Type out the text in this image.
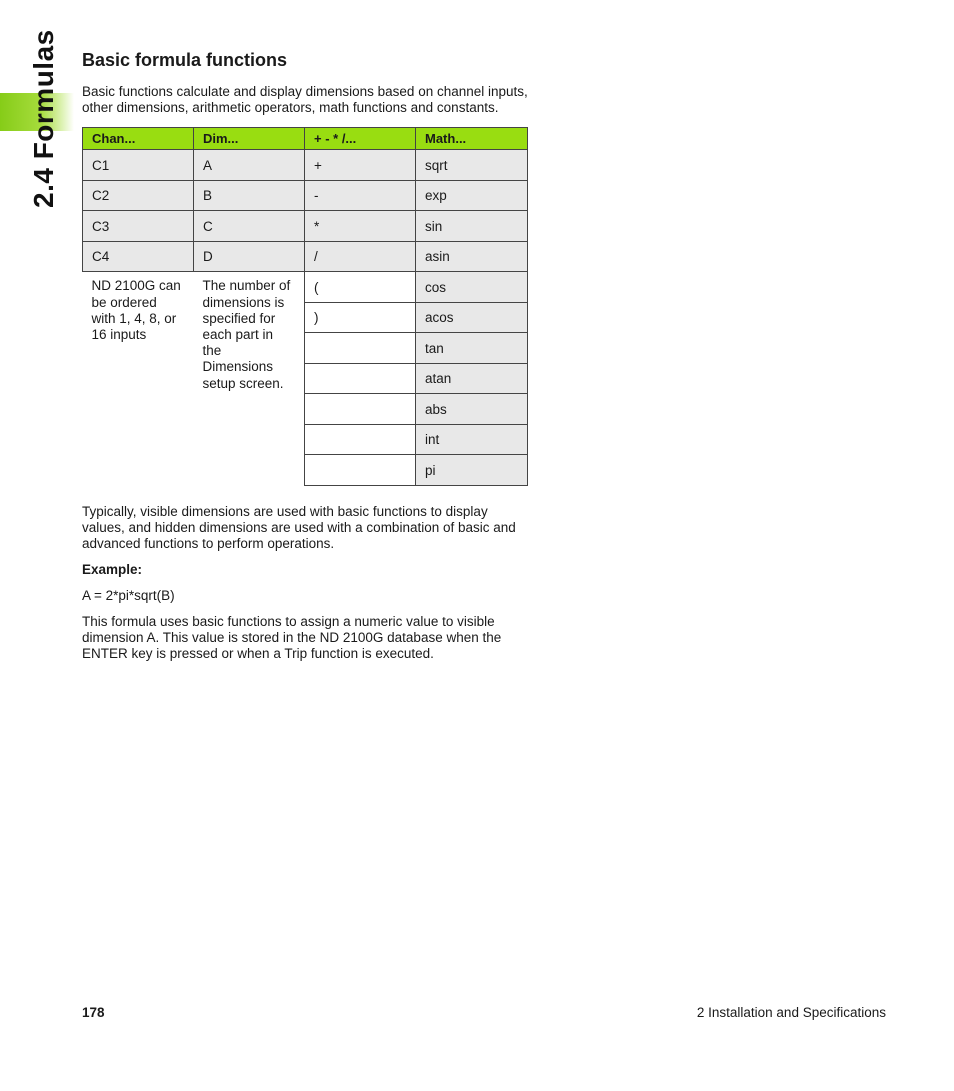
2.4 Formulas Basic formula functions

Basic functions calculate and display dimensions based on channel inputs, other dimensions, arithmetic operators, math functions and constants.

Chan...	Dim...	+ - * /...	Math...
C1	A	+	sqrt
C2	B	-	exp
C3	C	*	sin
C4	D	/	asin
ND 2100G can be ordered with 1, 4, 8, or 16 inputs	The number of dimensions is specified for each part in the Dimensions setup screen.	(	cos
		)	acos
			tan
			atan
			abs
			int
			pi

Typically, visible dimensions are used with basic functions to display values, and hidden dimensions are used with a combination of basic and advanced functions to perform operations.

Example:

A = 2*pi*sqrt(B)

This formula uses basic functions to assign a numeric value to visible dimension A. This value is stored in the ND 2100G database when the ENTER key is pressed or when a Trip function is executed.

178	2 Installation and Specifications
